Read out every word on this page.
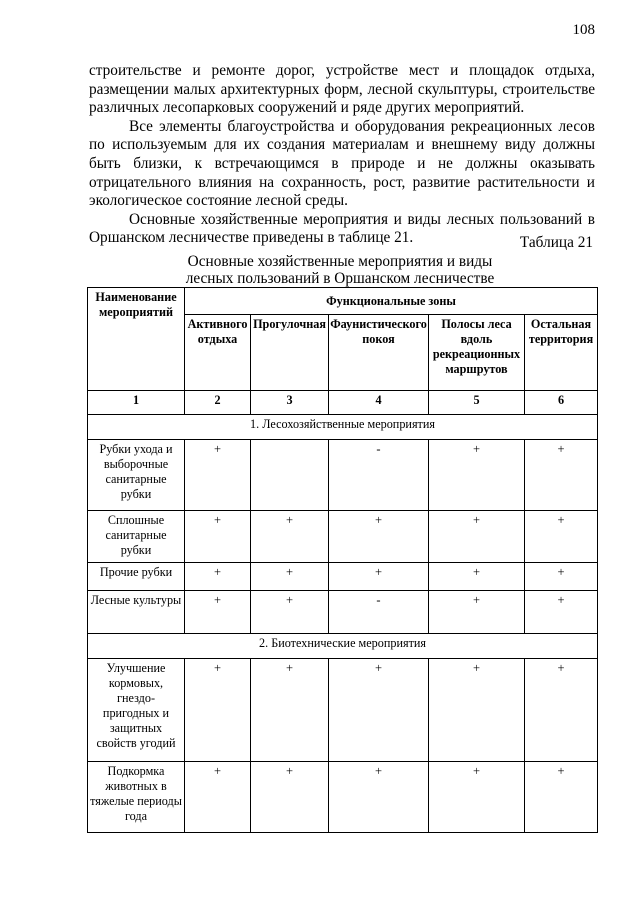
108

строительстве и ремонте дорог, устройстве мест и площадок отдыха, размещении малых архитектурных форм, лесной скульптуры, строительстве различных лесопарковых сооружений и ряде других мероприятий.

Все элементы благоустройства и оборудования рекреационных лесов по используемым для их создания материалам и внешнему виду должны быть близки, к встречающимся в природе и не должны оказывать отрицательного влияния на сохранность, рост, развитие растительности и экологическое состояние лесной среды.

Основные хозяйственные мероприятия и виды лесных пользований в Оршанском лесничестве приведены в таблице 21.	Таблица 21
Основные хозяйственные мероприятия и виды
лесных пользований в Оршанском лесничестве
Наименование мероприятий	Функциональные зоны				
	Активного отдыха	Прогулочная	Фаунистического покоя	Полосы леса вдоль рекреационных маршрутов	Остальная территория
1	2	3	4	5	6
1. Лесохозяйственные мероприятия					
Рубки ухода и выборочные санитарные рубки	+		-	+	+
Сплошные санитарные рубки	+	+	+	+	+
Прочие рубки	+	+	+	+	+
Лесные культуры	+	+	-	+	+
2. Биотехнические мероприятия					
Улучшение кормовых, гнездо-пригодных и защитных свойств угодий	+	+	+	+	+
Подкормка животных в тяжелые периоды года	+	+	+	+	+
